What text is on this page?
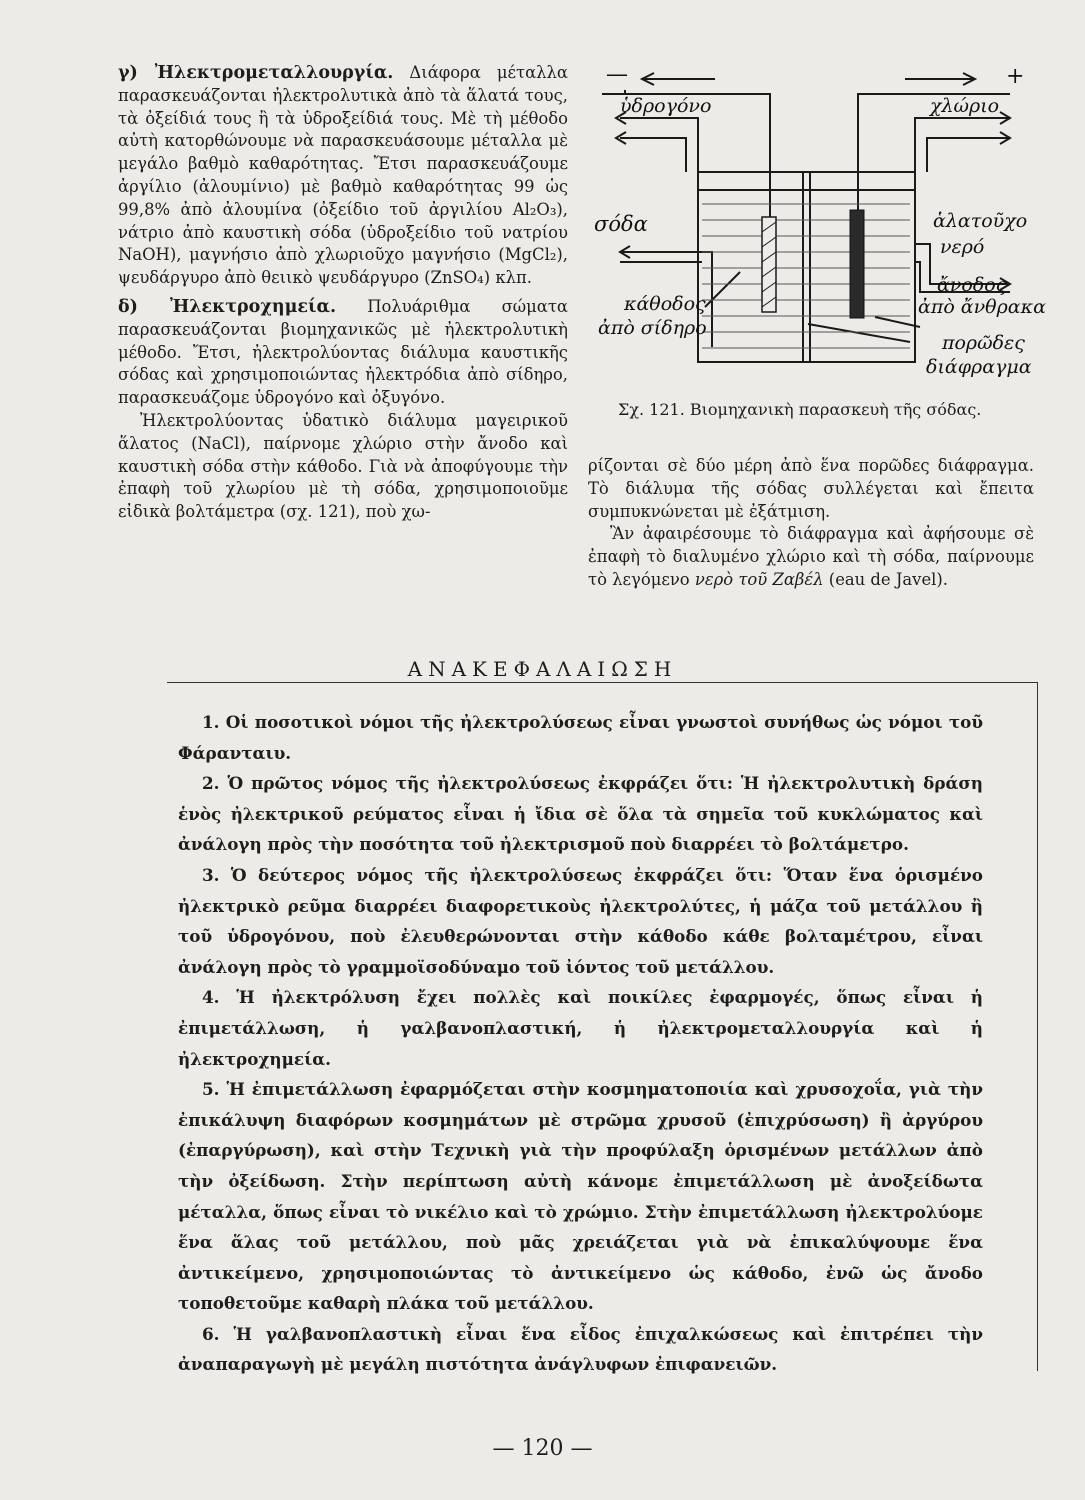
γ) Ἠλεκτρομεταλλουργία. Διάφορα μέταλλα παρασκευάζονται ἠλεκτρολυτικὰ ἀπὸ τὰ ἅλατά τους, τὰ ὀξείδιά τους ἢ τὰ ὑδροξείδιά τους. Μὲ τὴ μέθοδο αὐτὴ κατορθώνουμε νὰ παρασκευάσουμε μέταλλα μὲ μεγάλο βαθμὸ καθαρότητας. Ἔτσι παρασκευάζουμε ἀργίλιο (ἀλουμίνιο) μὲ βαθμὸ καθαρότητας 99 ὡς 99,8% ἀπὸ ἀλουμίνα (ὀξείδιο τοῦ ἀργιλίου Al₂O₃), νάτριο ἀπὸ καυστικὴ σόδα (ὑδροξείδιο τοῦ νατρίου NaOH), μαγνήσιο ἀπὸ χλωριοῦχο μαγνήσιο (MgCl₂), ψευδάργυρο ἀπὸ θειικὸ ψευδάργυρο (ZnSO₄) κλπ.

δ) Ἠλεκτροχημεία. Πολυάριθμα σώματα παρασκευάζονται βιομηχανικῶς μὲ ἠλεκτρολυτικὴ μέθοδο. Ἔτσι, ἠλεκτρολύοντας διάλυμα καυστικῆς σόδας καὶ χρησιμοποιώντας ἠλεκτρόδια ἀπὸ σίδηρο, παρασκευάζομε ὑδρογόνο καὶ ὀξυγόνο.

Ἠλεκτρολύοντας ὑδατικὸ διάλυμα μαγειρικοῦ ἅλατος (NaCl), παίρνομε χλώριο στὴν ἄνοδο καὶ καυστικὴ σόδα στὴν κάθοδο. Γιὰ νὰ ἀποφύγουμε τὴν ἐπαφὴ τοῦ χλωρίου μὲ τὴ σόδα, χρησιμοποιοῦμε εἰδικὰ βολτάμετρα (σχ. 121), ποὺ χω-

—	+
ὑδρογόνο	χλώριο
σόδα	ἁλατοῦχο
νερό
ἄνοδος
ἀπὸ ἄνθρακα
κάθοδος
ἀπὸ σίδηρο
πορῶδες
διάφραγμα
Σχ. 121. Βιομηχανικὴ παρασκευὴ τῆς σόδας.

ρίζονται σὲ δύο μέρη ἀπὸ ἕνα πορῶδες διάφραγμα. Τὸ διάλυμα τῆς σόδας συλλέγεται καὶ ἔπειτα συμπυκνώνεται μὲ ἐξάτμιση.

Ἂν ἀφαιρέσουμε τὸ διάφραγμα καὶ ἀφήσουμε σὲ ἐπαφὴ τὸ διαλυμένο χλώριο καὶ τὴ σόδα, παίρνουμε τὸ λεγόμενο νερὸ τοῦ Ζαβέλ (eau de Javel).

ΑΝΑΚΕΦΑΛΑΙΩΣΗ

1. Οἱ ποσοτικοὶ νόμοι τῆς ἠλεκτρολύσεως εἶναι γνωστοὶ συνήθως ὡς νόμοι τοῦ Φάρανταιυ.

2. Ὁ πρῶτος νόμος τῆς ἠλεκτρολύσεως ἐκφράζει ὅτι: Ἡ ἠλεκτρολυτικὴ δράση ἑνὸς ἠλεκτρικοῦ ρεύματος εἶναι ἡ ἴδια σὲ ὅλα τὰ σημεῖα τοῦ κυκλώματος καὶ ἀνάλογη πρὸς τὴν ποσότητα τοῦ ἠλεκτρισμοῦ ποὺ διαρρέει τὸ βολτάμετρο.

3. Ὁ δεύτερος νόμος τῆς ἠλεκτρολύσεως ἐκφράζει ὅτι: Ὅταν ἕνα ὁρισμένο ἠλεκτρικὸ ρεῦμα διαρρέει διαφορετικοὺς ἠλεκτρολύτες, ἡ μάζα τοῦ μετάλλου ἢ τοῦ ὑδρογόνου, ποὺ ἐλευθερώνονται στὴν κάθοδο κάθε βολταμέτρου, εἶναι ἀνάλογη πρὸς τὸ γραμμοϊσοδύναμο τοῦ ἰόντος τοῦ μετάλλου.

4. Ἡ ἠλεκτρόλυση ἔχει πολλὲς καὶ ποικίλες ἐφαρμογές, ὅπως εἶναι ἡ ἐπιμετάλλωση, ἡ γαλβανοπλαστική, ἡ ἠλεκτρομεταλλουργία καὶ ἡ ἠλεκτροχημεία.

5. Ἡ ἐπιμετάλλωση ἐφαρμόζεται στὴν κοσμηματοποιία καὶ χρυσοχοΐα, γιὰ τὴν ἐπικάλυψη διαφόρων κοσμημάτων μὲ στρῶμα χρυσοῦ (ἐπιχρύσωση) ἢ ἀργύρου (ἐπαργύρωση), καὶ στὴν Τεχνικὴ γιὰ τὴν προφύλαξη ὁρισμένων μετάλλων ἀπὸ τὴν ὀξείδωση. Στὴν περίπτωση αὐτὴ κάνομε ἐπιμετάλλωση μὲ ἀνοξείδωτα μέταλλα, ὅπως εἶναι τὸ νικέλιο καὶ τὸ χρώμιο. Στὴν ἐπιμετάλλωση ἠλεκτρολύομε ἕνα ἅλας τοῦ μετάλλου, ποὺ μᾶς χρειάζεται γιὰ νὰ ἐπικαλύψουμε ἕνα ἀντικείμενο, χρησιμοποιώντας τὸ ἀντικείμενο ὡς κάθοδο, ἐνῶ ὡς ἄνοδο τοποθετοῦμε καθαρὴ πλάκα τοῦ μετάλλου.

6. Ἡ γαλβανοπλαστικὴ εἶναι ἕνα εἶδος ἐπιχαλκώσεως καὶ ἐπιτρέπει τὴν ἀναπαραγωγὴ μὲ μεγάλη πιστότητα ἀνάγλυφων ἐπιφανειῶν.

— 120 —
